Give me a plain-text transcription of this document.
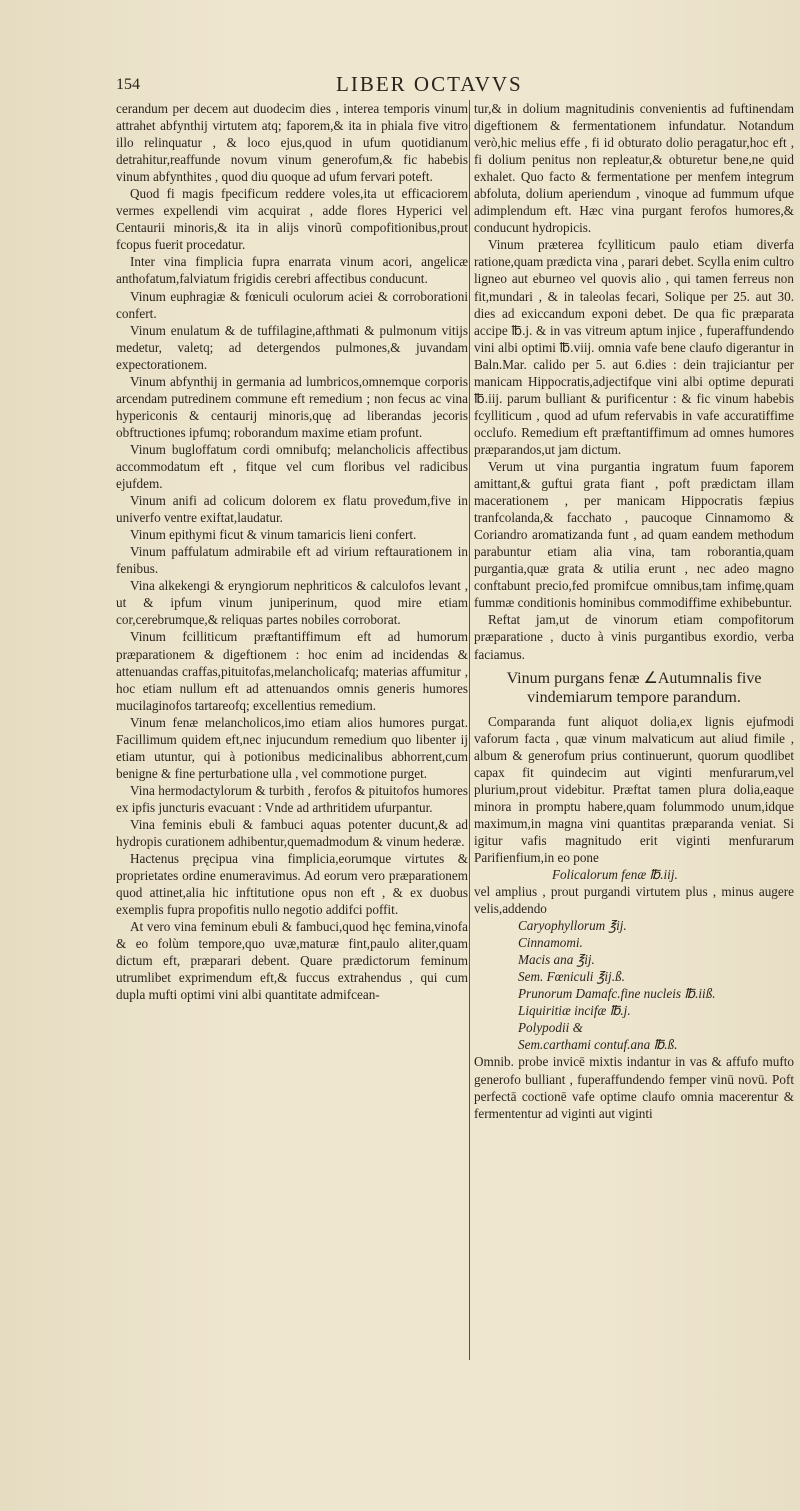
154	LIBER OCTAVVS

cerandum per decem aut duodecim dies , interea temporis vinum attrahet abfynthij virtutem atq; faporem,& ita in phiala five vitro illo relinquatur , & loco ejus,quod in ufum quotidianum detrahitur,reaffunde novum vinum generofum,& fic habebis vinum abfynthites , quod diu quoque ad ufum fervari poteft.

Quod fi magis fpecificum reddere voles,ita ut efficaciorem vermes expellendi vim acquirat , adde flores Hyperici vel Centaurii minoris,& ita in alijs vinorũ compofitionibus,prout fcopus fuerit procedatur.

Inter vina fimplicia fupra enarrata vinum acori, angelicæ anthofatum,falviatum frigidis cerebri affectibus conducunt.

Vinum euphragiæ & fœniculi oculorum aciei & corroborationi confert.

Vinum enulatum & de tuffilagine,afthmati & pulmonum vitijs medetur, valetq; ad detergendos pulmones,& juvandam expectorationem.

Vinum abfynthij in germania ad lumbricos,omnemque corporis arcendam putredinem commune eft remedium ; non fecus ac vina hypericonis & centaurij minoris,quę ad liberandas jecoris obftructiones ipfumq; roborandum maxime etiam profunt.

Vinum bugloffatum cordi omnibufq; melancholicis affectibus accommodatum eft , fitque vel cum floribus vel radicibus ejufdem.

Vinum anifi ad colicum dolorem ex flatu proveđum,five in univerfo ventre exiftat,laudatur.

Vinum epithymi ficut & vinum tamaricis lieni confert.

Vinum paffulatum admirabile eft ad virium reftaurationem in fenibus.

Vina alkekengi & eryngiorum nephriticos & calculofos levant , ut & ipfum vinum juniperinum, quod mire etiam cor,cerebrumque,& reliquas partes nobiles corroborat.

Vinum fcilliticum præftantiffimum eft ad humorum præparationem & digeftionem : hoc enim ad incidendas & attenuandas craffas,pituitofas,melancholicafq; materias affumitur , hoc etiam nullum eft ad attenuandos omnis generis humores mucilaginofos tartareofq; excellentius remedium.

Vinum fenæ melancholicos,imo etiam alios humores purgat. Facillimum quidem eft,nec injucundum remedium quo libenter ij etiam utuntur, qui à potionibus medicinalibus abhorrent,cum benigne & fine perturbatione ulla , vel commotione purget.

Vina hermodactylorum & turbith , ferofos & pituitofos humores ex ipfis juncturis evacuant : Vnde ad arthritidem ufurpantur.

Vina feminis ebuli & fambuci aquas potenter ducunt,& ad hydropis curationem adhibentur,quemadmodum & vinum hederæ.

Hactenus pręcipua vina fimplicia,eorumque virtutes & proprietates ordine enumeravimus. Ad eorum vero præparationem quod attinet,alia hic inftitutione opus non eft , & ex duobus exemplis fupra propofitis nullo negotio addifci poffit.

At vero vina feminum ebuli & fambuci,quod hęc femina,vinofa & eo folùm tempore,quo uvæ,maturæ fint,paulo aliter,quam dictum eft, præparari debent. Quare prædictorum feminum utrumlibet exprimendum eft,& fuccus extrahendus , qui cum dupla mufti optimi vini albi quantitate admifcean-

tur,& in dolium magnitudinis convenientis ad fuftinendam digeftionem & fermentationem infundatur. Notandum verò,hic melius effe , fi id obturato dolio peragatur,hoc eft , fi dolium penitus non repleatur,& obturetur bene,ne quid exhalet. Quo facto & fermentatione per menfem integrum abfoluta, dolium aperiendum , vinoque ad fummum ufque adimplendum eft. Hæc vina purgant ferofos humores,& conducunt hydropicis.

Vinum præterea fcylliticum paulo etiam diverfa ratione,quam prædicta vina , parari debet. Scylla enim cultro ligneo aut eburneo vel quovis alio , qui tamen ferreus non fit,mundari , & in taleolas fecari, Solique per 25. aut 30. dies ad exiccandum exponi debet. De qua fic præparata accipe ℔.j. & in vas vitreum aptum injice , fuperaffundendo vini albi optimi ℔.viij. omnia vafe bene claufo digerantur in Baln.Mar. calido per 5. aut 6.dies : dein trajiciantur per manicam Hippocratis,adjectifque vini albi optime depurati ℔.iij. parum bulliant & purificentur : & fic vinum habebis fcylliticum , quod ad ufum refervabis in vafe accuratiffime occlufo. Remedium eft præftantiffimum ad omnes humores præparandos,ut jam dictum.

Verum ut vina purgantia ingratum fuum faporem amittant,& guftui grata fiant , poft prædictam illam macerationem , per manicam Hippocratis fæpius tranfcolanda,& facchato , paucoque Cinnamomo & Coriandro aromatizanda funt , ad quam eandem methodum parabuntur etiam alia vina, tam roborantia,quam purgantia,quæ grata & utilia erunt , nec adeo magno conftabunt precio,fed promifcue omnibus,tam infimę,quam fummæ conditionis hominibus commodiffime exhibebuntur.

Reftat jam,ut de vinorum etiam compofitorum præparatione , ducto à vinis purgantibus exordio, verba faciamus.

Vinum purgans fenæ ∠Autumnalis five vindemiarum tempore parandum.

Comparanda funt aliquot dolia,ex lignis ejufmodi vaforum facta , quæ vinum malvaticum aut aliud fimile , album & generofum prius continuerunt, quorum quodlibet capax fit quindecim aut viginti menfurarum,vel plurium,prout videbitur. Præftat tamen plura dolia,eaque minora in promptu habere,quam folummodo unum,idque maximum,in magna vini quantitas præparanda veniat. Si igitur vafis magnitudo erit viginti menfurarum Parifienfium,in eo pone

Folicalorum fenæ ℔.iij.

vel amplius , prout purgandi virtutem plus , minus augere velis,addendo

Caryophyllorum ℥ij.

Cinnamomi.

Macis ana ℥ij.

Sem. Fœniculi ℥ij.ß.

Prunorum Damafc.fine nucleis ℔.iiß.

Liquiritiæ incifæ ℔.j.

Polypodii &

Sem.carthami contuf.ana ℔.ß.

Omnib. probe invicē mixtis indantur in vas & affufo mufto generofo bulliant , fuperaffundendo femper vinū novū. Poft perfectā coctionē vafe optime claufo omnia macerentur & fermententur ad viginti aut viginti
